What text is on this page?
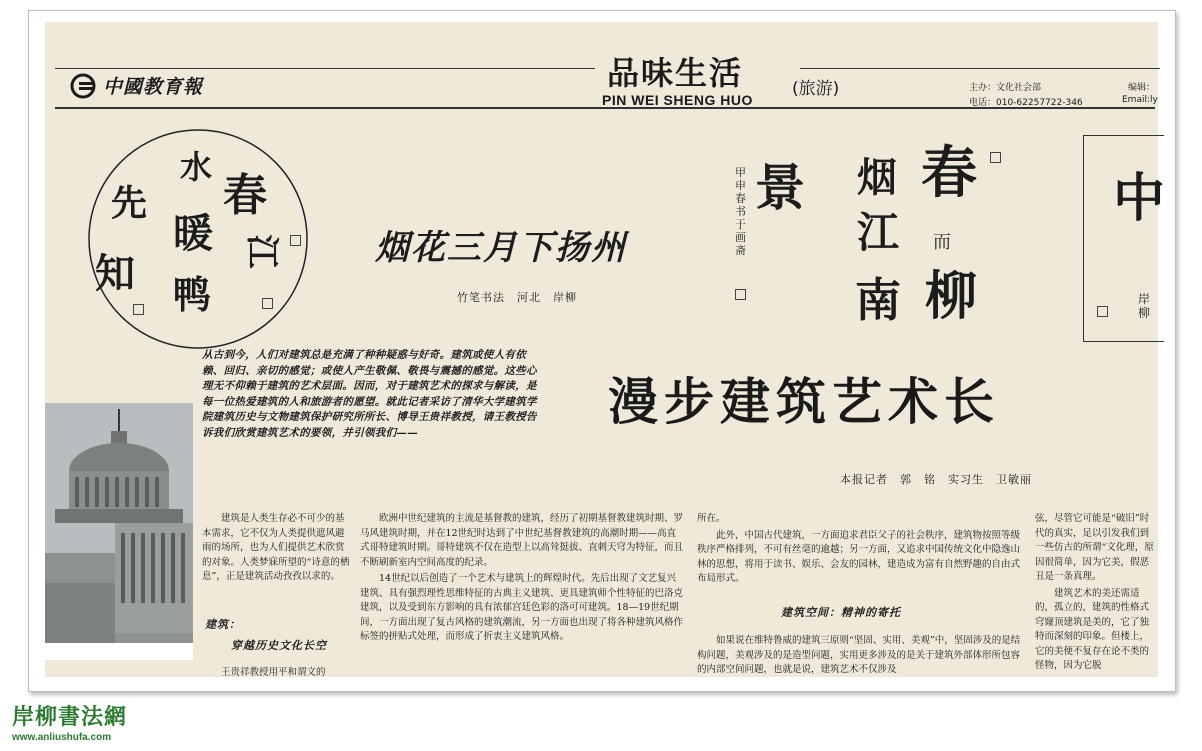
中國教育報	品味生活	(旅游)
PIN WEI SHENG HUO
主办：文化社会部	编辑：
电话：010-62257722-346	Email:ly
春
江
水
暖
鸭
先
知
烟花三月下扬州
竹笔书法　河北　岸柳
甲申春书于画斋
景 烟 春
江 而
柳
南
中
岸柳
漫步建筑艺术长
本报记者　郭　铭　实习生　卫敏丽
从古到今，人们对建筑总是充满了种种疑惑与好奇。建筑或使人有依赖、回归、亲切的感觉；或使人产生敬佩、敬畏与震撼的感觉。这些心理无不仰赖于建筑的艺术层面。因而，对于建筑艺术的探求与解读，是每一位热爱建筑的人和旅游者的愿望。就此记者采访了清华大学建筑学院建筑历史与文物建筑保护研究所所长、博导王贵祥教授，请王教授告诉我们欣赏建筑艺术的要领，并引领我们——

建筑是人类生存必不可少的基本需求，它不仅为人类提供遮风避雨的场所，也为人们提供艺术欣赏的对象。人类梦寐所望的“诗意的栖息”，正是建筑活动孜孜以求的。

建筑：
穿越历史文化长空
王贵祥教授用平和谓文的

欧洲中世纪建筑的主流是基督教的建筑，经历了初期基督教建筑时期、罗马风建筑时期，并在12世纪时达到了中世纪基督教建筑的高潮时期——高直式哥特建筑时期。哥特建筑不仅在造型上以高耸挺拔、直刺天穹为特征，而且不断刷新室内空间高度的纪录。

14世纪以后创造了一个艺术与建筑上的辉煌时代。先后出现了文艺复兴建筑、具有强烈理性思维特征的古典主义建筑、更具建筑师个性特征的巴洛克建筑，以及受到东方影响的具有浓郁宫廷色彩的洛可可建筑。18—19世纪期间，一方面出现了复古风格的建筑潮流，另一方面也出现了将各种建筑风格作标签的拼贴式处理，而形成了折衷主义建筑风格。

所在。

此外，中国古代建筑，一方面追求君臣父子的社会秩序，建筑物按照等级秩序严格排列，不可有丝毫的逾越；另一方面，又追求中国传统文化中隐逸山林的思想，将用于读书、娱乐、会友的园林，建造成为富有自然野趣的自由式布局形式。

建筑空间：精神的寄托

如果说在维特鲁威的建筑三原则“坚固、实用、美观”中，坚固涉及的是结构问题，美观涉及的是造型问题，实用更多涉及的是关于建筑外部体形所包容的内部空间问题，也就是说，建筑艺术不仅涉及

弦，尽管它可能是“破旧”时代的真实，足以引发我们到一些仿古的所谓“文化理，原因很简单，因为它美，假恶丑是一条真理。

建筑艺术的美还需适的，孤立的，建筑的性格式穹窿顶建筑是美的，它了独特而深刻的印象。但楼上，它的美便不复存在论不类的怪物，因为它脱

岸柳書法網
www.anliushufa.com
